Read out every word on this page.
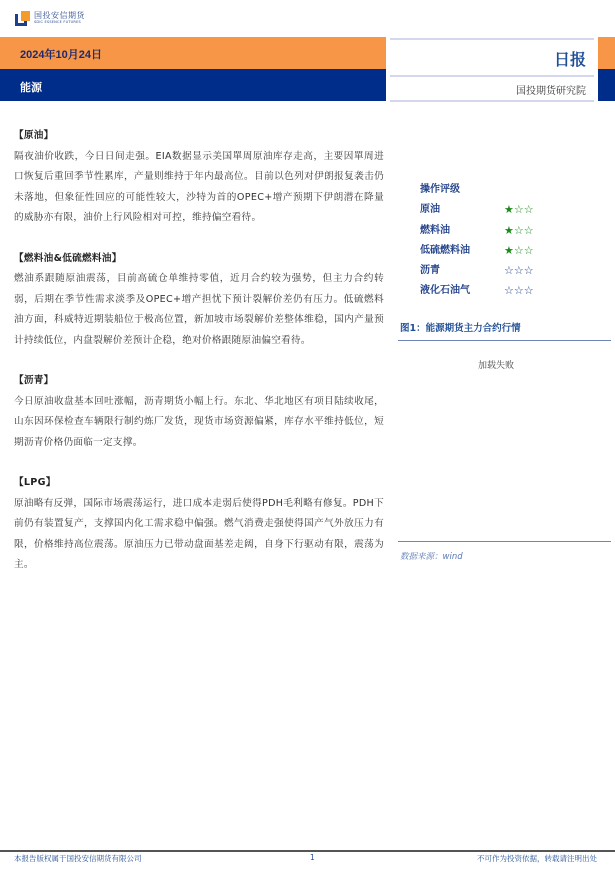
国投安信期货
SDIC ESSENCE FUTURES
2024年10月24日
能源
日报
国投期货研究院
【原油】
隔夜油价收跌，今日日间走强。EIA数据显示美国單周原油库存走高，主要因單周进口恢复后重回季节性累库，产量则维持于年内最高位。目前以色列对伊朗报复袭击仍未落地，但象征性回应的可能性较大，沙特为首的OPEC+增产预期下伊朗潜在降量的威胁亦有限，油价上行风险相对可控，维持偏空看待。
【燃料油&低硫燃料油】
燃油系跟随原油震荡，目前高硫仓单维持零值，近月合约较为强势，但主力合约转弱，后期在季节性需求淡季及OPEC+增产担忧下预计裂解价差仍有压力。低硫燃料油方面，科威特近期装船位于极高位置，新加坡市场裂解价差整体维稳，国内产量预计持续低位，内盘裂解价差预计企稳，绝对价格跟随原油偏空看待。
【沥青】
今日原油收盘基本回吐涨幅，沥青期货小幅上行。东北、华北地区有项目陆续收尾，山东因环保检查车辆限行制约炼厂发货，现货市场资源偏紧，库存水平维持低位，短期沥青价格仍面临一定支撑。
【LPG】
原油略有反弹，国际市场震荡运行，进口成本走弱后使得PDH毛利略有修复。PDH下前仍有装置复产，支撑国内化工需求稳中偏强。燃气消费走强使得国产气外放压力有限，价格维持高位震荡。原油压力已带动盘面基差走阔，自身下行驱动有限，震荡为主。
操作评级
原油	★☆☆
燃料油	★☆☆
低硫燃料油	★☆☆
沥青	☆☆☆
液化石油气	☆☆☆
图1：能源期货主力合约行情
加载失败
数据来源：wind
本报告版权属于国投安信期货有限公司	1	不可作为投资依据，转载请注明出处
